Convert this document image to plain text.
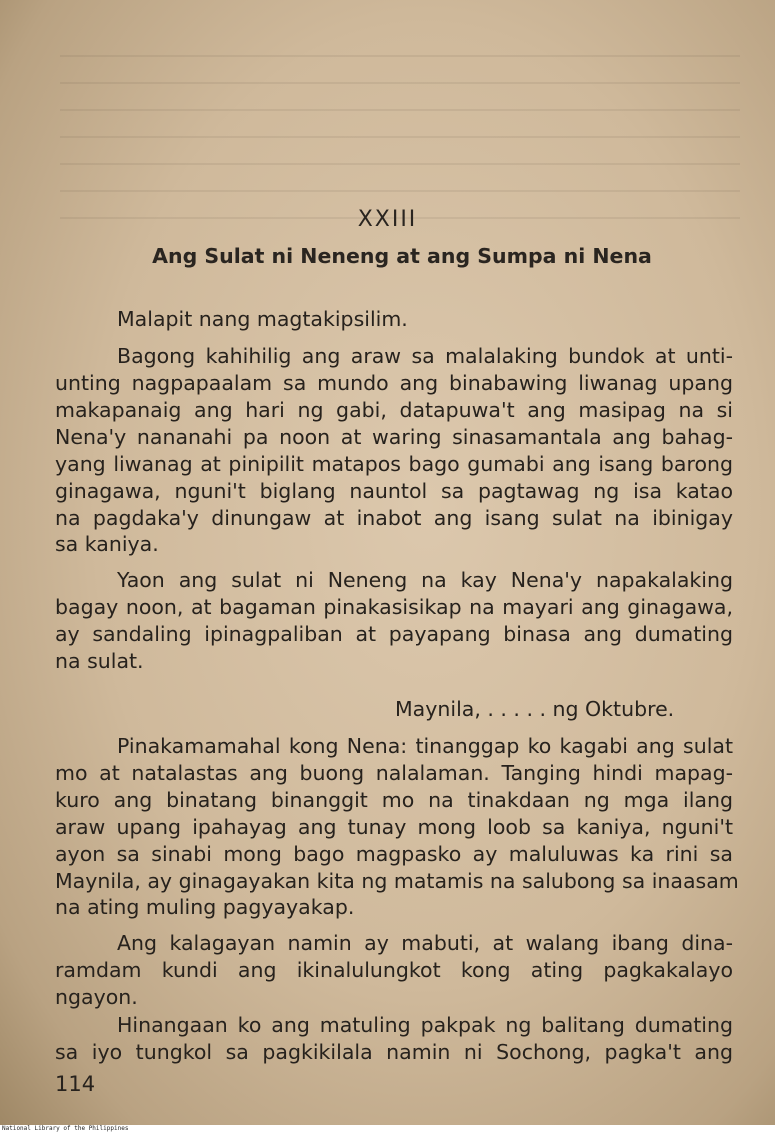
XXIII
Ang Sulat ni Neneng at ang Sumpa ni Nena
Malapit nang magtakipsilim.
Bagong kahihilig ang araw sa malalaking bundok at unti-
unting nagpapaalam sa mundo ang binabawing liwanag upang
makapanaig ang hari ng gabi, datapuwa't ang masipag na si
Nena'y nananahi pa noon at waring sinasamantala ang bahag-
yang liwanag at pinipilit matapos bago gumabi ang isang barong
ginagawa, nguni't biglang nauntol sa pagtawag ng isa katao
na pagdaka'y dinungaw at inabot ang isang sulat na ibinigay
sa kaniya.
Yaon ang sulat ni Neneng na kay Nena'y napakalaking
bagay noon, at bagaman pinakasisikap na mayari ang ginagawa,
ay sandaling ipinagpaliban at payapang binasa ang dumating
na sulat.
Maynila, . . . . . ng Oktubre.
Pinakamamahal kong Nena: tinanggap ko kagabi ang sulat
mo at natalastas ang buong nalalaman. Tanging hindi mapag-
kuro ang binatang binanggit mo na tinakdaan ng mga ilang
araw upang ipahayag ang tunay mong loob sa kaniya, nguni't
ayon sa sinabi mong bago magpasko ay maluluwas ka rini sa
Maynila, ay ginagayakan kita ng matamis na salubong sa inaasam
na ating muling pagyayakap.
Ang kalagayan namin ay mabuti, at walang ibang dina-
ramdam kundi ang ikinalulungkot kong ating pagkakalayo
ngayon.
Hinangaan ko ang matuling pakpak ng balitang dumating
sa iyo tungkol sa pagkikilala namin ni Sochong, pagka't ang
114
National Library of the Philippines
